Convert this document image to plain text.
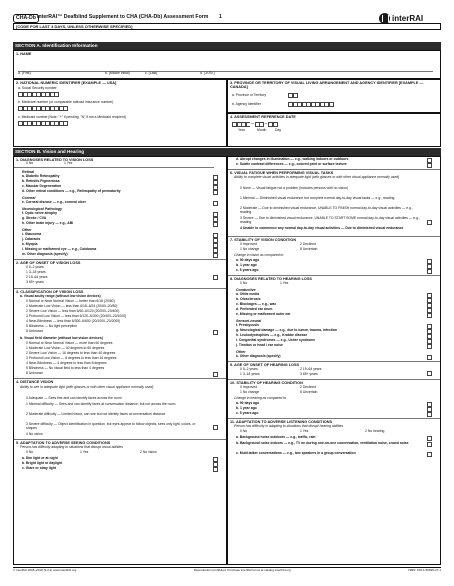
CHA-Db interRAI™ Deafblind Supplement to CHA (CHA-Db) Assessment Form 1	interRAI
[CODE FOR LAST 3 DAYS, UNLESS OTHERWISE SPECIFIED]
SECTION A. Identification Information
1. NAME
a. (First)	b. (Middle initial)	c. (Last)	d. (Jr./Sr.)
2. NATIONAL NUMERIC IDENTIFIER [EXAMPLE — USA]
a. Social Security number
b. Medicare number (or comparable railroad insurance number)
c. Medicaid number [Note: "+" if pending, "N" if not a Medicaid recipient]
3. PROVINCE OR TERRITORY OF VISUAL LIVING ARRANGEMENT AND AGENCY IDENTIFIER [EXAMPLE — CANADA]
a. Province or Territory
b. Agency Identifier
4. ASSESSMENT REFERENCE DATE
– –
Year	Month	Day
SECTION B. Vision and Hearing
1. DIAGNOSES RELATED TO VISION LOSS
0 No	1 Yes
Retinal
a. Diabetic Retinopathy
b. Retinitis Pigmentosa
c. Macular Degeneration
d. Other retinal conditions — e.g., Retinopathy of prematurity
Corneal
e. Corneal disease — e.g., corneal ulcer
Neurological Pathology
f. Optic nerve atrophy
g. Stroke / CVA
h. Other brain injury — e.g., ABI
Other
i. Glaucoma
j. Cataracts
k. Myopia
l. Missing or malformed eye — e.g., Coloboma
m. Other diagnosis (specify)
2. AGE OF ONSET OF VISION LOSS
0 0–2 years
1 3–18 years
2 19–64 years
3 65+ years
3. CLASSIFICATION OF VISION LOSS
a. Visual acuity range (without low vision devices)
0 Normal or Near Normal Vision — better than 6/18 (20/60)
1 Moderate Low Vision — less than 6/18–6/24 (20/60–20/80)
2 Severe Low Vision — less than 6/60–6/120 (20/200–20/400)
3 Profound Low Vision — less than 6/120–6/300 (20/400–20/1000)
4 Near-Blindness — less than 6/300–6/600 (20/1000–20/2000)
5 Blindness — No light perception
8 Unknown
b. Visual field diameter (without low vision devices)
0 Normal or Near Normal Vision — more than 60 degrees
1 Moderate Low Vision — 40 degrees to 60 degrees
2 Severe Low Vision — 16 degrees to less than 40 degrees
3 Profound Low Vision — 8 degrees to less than 16 degrees
4 Near-Blindness — 4 degrees to less than 8 degrees
5 Blindness — No visual field to less than 4 degrees
8 Unknown
4. DISTANCE VISION
Ability to see in adequate light (with glasses or with other visual appliance normally used)
0 Adequate — Sees fine and can identify faces across the room
1 Minimal difficulty — Sees and can identify faces at conversation distance, but not across the room
2 Moderate difficulty — Limited vision, can see but not identify faces at conversation distance
3 Severe difficulty — Object identification in question, but eyes appear to follow objects; sees only light, colors, or shapes
4 No vision
5. ADAPTATION TO ADVERSE SEEING CONDITIONS
Person has difficulty adapting to situations that disrupt visual abilities
0 No	1 Yes	2 No vision
a. Dim light or at night
b. Bright light or daylight
c. Glare or stray light
d. Abrupt changes in illumination — e.g., walking indoors or outdoors
e. Subtle contrast differences — e.g., colored print or surface texture
6. VISUAL FATIGUE WHEN PERFORMING VISUAL TASKS
Ability to complete visual activities in adequate light (with glasses or with other visual appliance normally used)
0 None — Visual fatigue not a problem (includes persons with no vision)
1 Minimal — Diminished visual endurance but complete normal day-to-day visual tasks — e.g., reading
2 Moderate — Due to diminished visual endurance, UNABLE TO FINISH normal day-to-day visual activities — e.g., reading
3 Severe — Due to diminished visual endurance, UNABLE TO START SOME normal day-to-day visual activities — e.g., reading
4 Unable to commence any normal day-to-day visual activities — Due to diminished visual endurance
7. STABILITY OF VISION CONDITION
0 Improved
1 No change
2 Declined
8 Uncertain
Change in vision as compared to
a. 90 days ago
b. 1 year ago
c. 5 years ago
8. DIAGNOSES RELATED TO HEARING LOSS
0 No	1 Yes
Conductive
a. Otitis media
b. Otosclerosis
c. Blockages — e.g., wax
d. Perforated ear drum
e. Missing or malformed outer ear
Sensori-neural
f. Presbycusis
g. Neurological damage — e.g., due to tumor, trauma, infection
h. Leukodystrophies — e.g., Krabbe disease
i. Congenital syndromes — e.g., Usher syndrome
j. Tinnitus or head / ear noise
Other
k. Other diagnosis (specify)
9. AGE OF ONSET OF HEARING LOSS
0 0–2 years
1 3–18 years
2 19–64 years
3 65+ years
10. STABILITY OF HEARING CONDITION
0 Improved
1 No change
2 Declined
8 Uncertain
Change in hearing as compared to
a. 90 days ago
b. 1 year ago
c. 5 years ago
11. ADAPTATION TO ADVERSE LISTENING CONDITIONS
Person has difficulty in adapting to situations that disrupt hearing abilities
0 No	1 Yes	2 No hearing
a. Background noise outdoors — e.g., traffic, rain
b. Background noise indoors — e.g., TV on during one-on-one conversation, ventilation noise, crowd noise
c. Multi-talker conversations — e.g., two speakers in a group conversation
© interRAI 2005–2010 (9.3.1) www.interRAI.org	Reproduction prohibited. Purchase interRAI forms at catalog.interRAI.org	ISBN: 978-1-55695-27-1
